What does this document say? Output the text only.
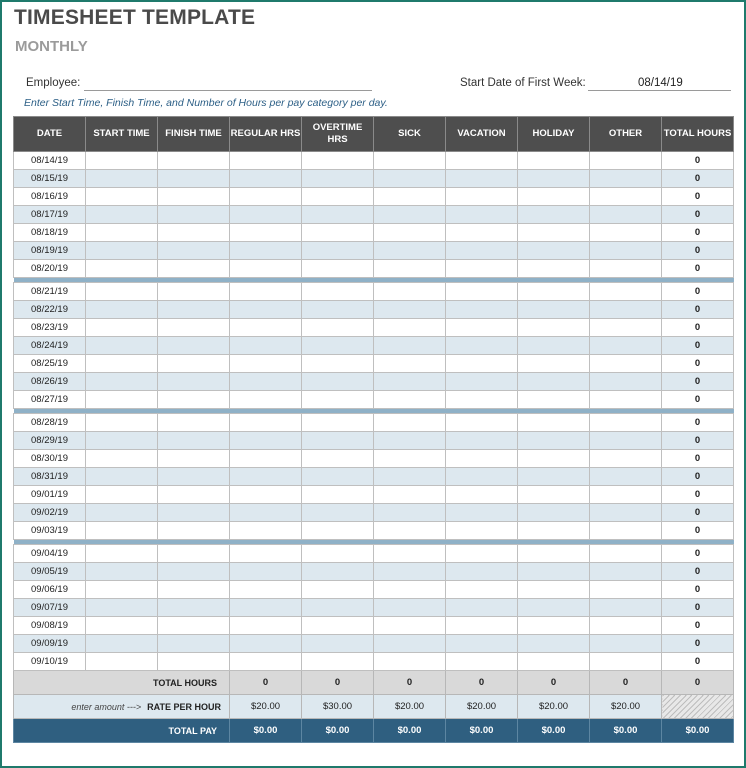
TIMESHEET TEMPLATE
MONTHLY
Employee:	Start Date of First Week:	08/14/19
Enter Start Time, Finish Time, and Number of Hours per pay category per day.
DATE	START TIME	FINISH TIME	REGULAR HRS	OVERTIME HRS	SICK	VACATION	HOLIDAY	OTHER	TOTAL HOURS
08/14/19									0
08/15/19									0
08/16/19									0
08/17/19									0
08/18/19									0
08/19/19									0
08/20/19									0

08/21/19									0
08/22/19									0
08/23/19									0
08/24/19									0
08/25/19									0
08/26/19									0
08/27/19									0

08/28/19									0
08/29/19									0
08/30/19									0
08/31/19									0
09/01/19									0
09/02/19									0
09/03/19									0

09/04/19									0
09/05/19									0
09/06/19									0
09/07/19									0
09/08/19									0
09/09/19									0
09/10/19									0
TOTAL HOURS			0	0	0	0	0	0	0
enter amount ---> RATE PER HOUR			$20.00	$30.00	$20.00	$20.00	$20.00	$20.00	
TOTAL PAY			$0.00	$0.00	$0.00	$0.00	$0.00	$0.00	$0.00
